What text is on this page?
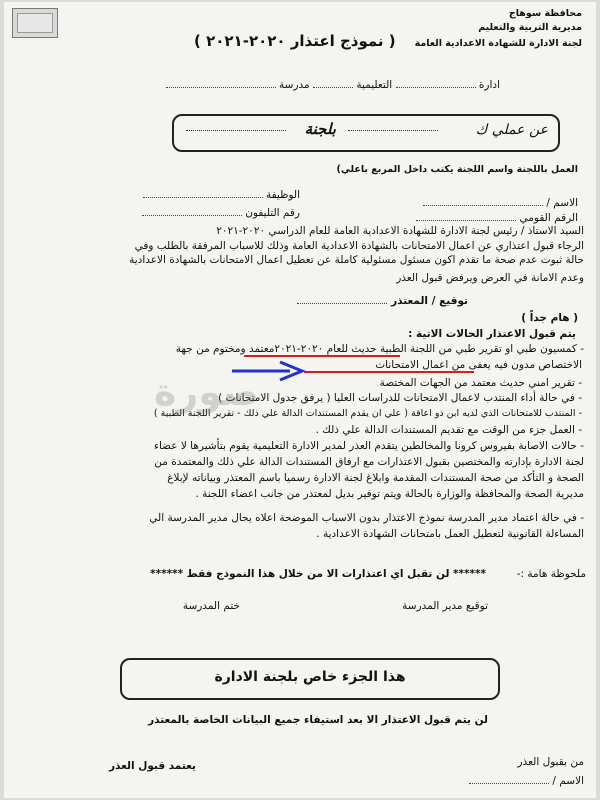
محافظة سوهاج
مديرية التربية والتعليم
لجنة الادارة للشهادة الاعدادية العامة
( نموذج اعتذار ٢٠٢٠-٢٠٢١ )
ادارة  التعليمية  مدرسة
عن عملي ك
بلجنة
العمل باللجنة واسم اللجنة يكتب داخل المربع باعلي)
الاسم /
الوظيفة
الرقم القومي
رقم التليفون
السيد الاستاذ / رئيس لجنة الادارة للشهادة الاعدادية العامة للعام الدراسي ٢٠٢٠-٢٠٢١
الرجاء قبول اعتذاري عن اعمال الامتحانات بالشهادة الاعدادية العامة وذلك للاسباب المرفقة بالطلب وفي
حالة ثبوت عدم صحة ما تقدم اكون مسئول مسئولية كاملة عن تعطيل اعمال الامتحانات بالشهادة الاعدادية
وعدم الامانة في العرض ويرفض قبول العذر
توقيع / المعتذر
( هام جداً )
يتم قبول الاعتذار الحالات الاتية :
- كمسيون طبي او تقرير طبي من اللجنة الطبية حديث للعام ٢٠٢٠-٢٠٢١معتمد ومختوم من جهة
الاختصاص مدون فيه يعفى من اعمال الامتحانات
- تقرير امني حديث معتمد من الجهات المختصة
- في حالة أداء المنتدب لاعمال الامتحانات للدراسات العليا ( يرفق جدول الامتحانات )
- المنتدب للامتحانات الذي لديه ابن ذو اعاقة ( علي ان يقدم المستندات الدالة علي ذلك - تقرير اللجنة الطبية )
- العمل جزء من الوقت مع تقديم المستندات الدالة علي ذلك .
- حالات الاصابة بفيروس كرونا والمخالطين يتقدم العذر لمدير الادارة التعليمية يقوم بتأشيرها لا عضاء
لجنة الادارة بإدارته والمختصين بقبول الاعتذارات مع ارفاق المستندات الدالة علي ذلك والمعتمدة من
الصحة و التأكد من صحة المستندات المقدمة وابلاغ لجنة الادارة رسميا باسم المعتذر وبياناته لإبلاغ
مديرية الصحة والمحافظة والوزارة بالحالة ويتم توفير بديل لمعتذر من جانب اعضاء اللجنة .
- في حالة اعتماد مدير المدرسة نموذج الاعتذار بدون الاسباب الموضحة اعلاه يحال مدير المدرسة الي
المساءلة القانونية لتعطيل العمل بامتحانات الشهادة الاعدادية .
صورة
ملحوظة هامة :-
****** لن تقبل اي اعتذارات الا من خلال هذا النموذج فقط ******
توقيع مدير المدرسة
ختم المدرسة
هذا الجزء خاص بلجنة الادارة
لن يتم قبول الاعتذار الا بعد استيفاء جميع البيانات الخاصة بالمعتذر
من بقبول العذر
الاسم /
يعتمد قبول العذر
